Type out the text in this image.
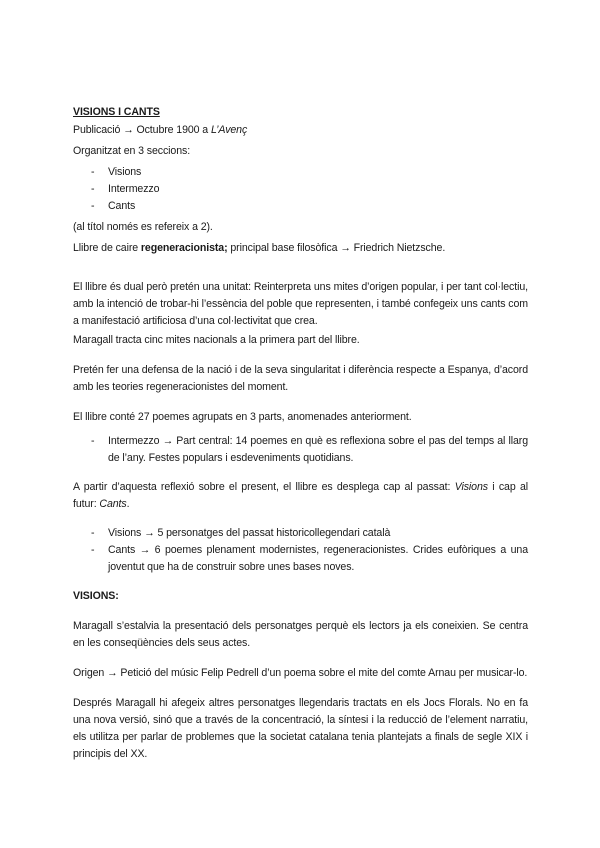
VISIONS I CANTS

Publicació → Octubre 1900 a L’Avenç

Organitzat en 3 seccions:

- Visions
- Intermezzo
- Cants

(al títol només es refereix a 2).

Llibre de caire regeneracionista; principal base filosòfica → Friedrich Nietzsche.

El llibre és dual però pretén una unitat: Reinterpreta uns mites d’origen popular, i per tant col·lectiu, amb la intenció de trobar-hi l’essència del poble que representen, i també confegeix uns cants com a manifestació artificiosa d’una col·lectivitat que crea.

Maragall tracta cinc mites nacionals a la primera part del llibre.

Pretén fer una defensa de la nació i de la seva singularitat i diferència respecte a Espanya, d’acord amb les teories regeneracionistes del moment.

El llibre conté 27 poemes agrupats en 3 parts, anomenades anteriorment.

- Intermezzo → Part central: 14 poemes en què es reflexiona sobre el pas del temps al llarg de l’any. Festes populars i esdeveniments quotidians.

A partir d’aquesta reflexió sobre el present, el llibre es desplega cap al passat: Visions i cap al futur: Cants.

- Visions → 5 personatges del passat historicollegendari català
- Cants → 6 poemes plenament modernistes, regeneracionistes. Crides eufòriques a una joventut que ha de construir sobre unes bases noves.

VISIONS:

Maragall s’estalvia la presentació dels personatges perquè els lectors ja els coneixien. Se centra en les conseqüències dels seus actes.

Origen → Petició del músic Felip Pedrell d’un poema sobre el mite del comte Arnau per musicar-lo.

Després Maragall hi afegeix altres personatges llegendaris tractats en els Jocs Florals. No en fa una nova versió, sinó que a través de la concentració, la síntesi i la reducció de l’element narratiu, els utilitza per parlar de problemes que la societat catalana tenia plantejats a finals de segle XIX i principis del XX.
